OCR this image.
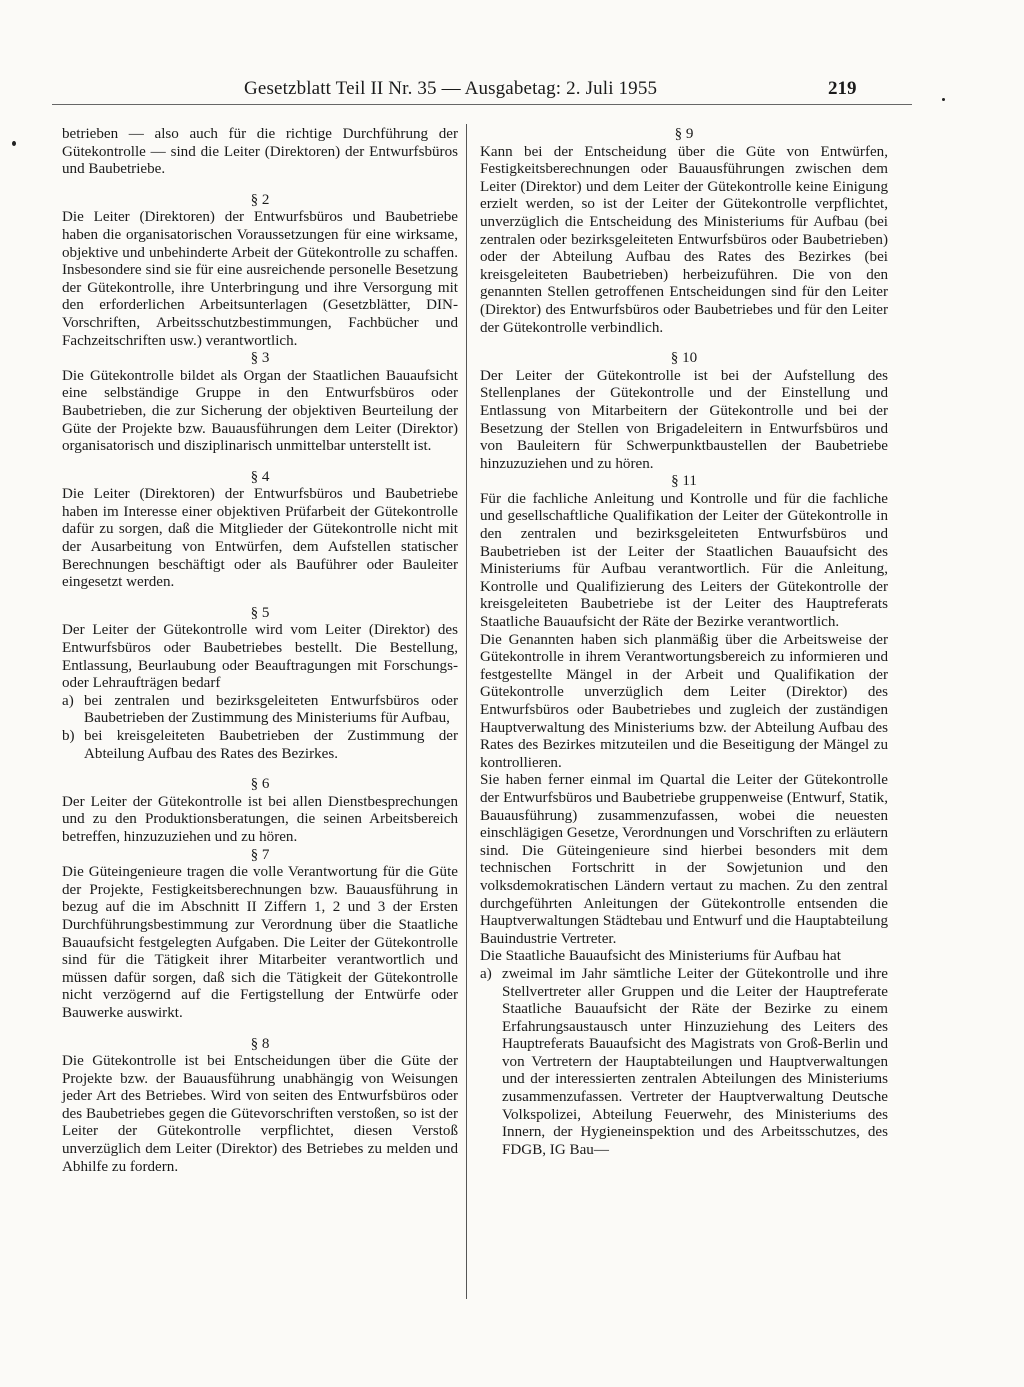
Gesetzblatt Teil II Nr. 35 — Ausgabetag: 2. Juli 1955	219

betrieben — also auch für die richtige Durchführung der Gütekontrolle — sind die Leiter (Direktoren) der Entwurfsbüros und Baubetriebe.

§ 2

Die Leiter (Direktoren) der Entwurfsbüros und Baubetriebe haben die organisatorischen Voraussetzungen für eine wirksame, objektive und unbehinderte Arbeit der Gütekontrolle zu schaffen. Insbesondere sind sie für eine ausreichende personelle Besetzung der Gütekontrolle, ihre Unterbringung und ihre Versorgung mit den erforderlichen Arbeitsunterlagen (Gesetzblätter, DIN-Vorschriften, Arbeitsschutzbestimmungen, Fachbücher und Fachzeitschriften usw.) verantwortlich.

§ 3

Die Gütekontrolle bildet als Organ der Staatlichen Bauaufsicht eine selbständige Gruppe in den Entwurfsbüros oder Baubetrieben, die zur Sicherung der objektiven Beurteilung der Güte der Projekte bzw. Bauausführungen dem Leiter (Direktor) organisatorisch und disziplinarisch unmittelbar unterstellt ist.

§ 4

Die Leiter (Direktoren) der Entwurfsbüros und Baubetriebe haben im Interesse einer objektiven Prüfarbeit der Gütekontrolle dafür zu sorgen, daß die Mitglieder der Gütekontrolle nicht mit der Ausarbeitung von Entwürfen, dem Aufstellen statischer Berechnungen beschäftigt oder als Bauführer oder Bauleiter eingesetzt werden.

§ 5

Der Leiter der Gütekontrolle wird vom Leiter (Direktor) des Entwurfsbüros oder Baubetriebes bestellt. Die Bestellung, Entlassung, Beurlaubung oder Beauftragungen mit Forschungs- oder Lehraufträgen bedarf

a) bei zentralen und bezirksgeleiteten Entwurfsbüros oder Baubetrieben der Zustimmung des Ministeriums für Aufbau,
b) bei kreisgeleiteten Baubetrieben der Zustimmung der Abteilung Aufbau des Rates des Bezirkes.
§ 6

Der Leiter der Gütekontrolle ist bei allen Dienstbesprechungen und zu den Produktionsberatungen, die seinen Arbeitsbereich betreffen, hinzuzuziehen und zu hören.

§ 7

Die Güteingenieure tragen die volle Verantwortung für die Güte der Projekte, Festigkeitsberechnungen bzw. Bauausführung in bezug auf die im Abschnitt II Ziffern 1, 2 und 3 der Ersten Durchführungsbestimmung zur Verordnung über die Staatliche Bauaufsicht festgelegten Aufgaben. Die Leiter der Gütekontrolle sind für die Tätigkeit ihrer Mitarbeiter verantwortlich und müssen dafür sorgen, daß sich die Tätigkeit der Gütekontrolle nicht verzögernd auf die Fertigstellung der Entwürfe oder Bauwerke auswirkt.

§ 8

Die Gütekontrolle ist bei Entscheidungen über die Güte der Projekte bzw. der Bauausführung unabhängig von Weisungen jeder Art des Betriebes. Wird von seiten des Entwurfsbüros oder des Baubetriebes gegen die Gütevorschriften verstoßen, so ist der Leiter der Gütekontrolle verpflichtet, diesen Verstoß unverzüglich dem Leiter (Direktor) des Betriebes zu melden und Abhilfe zu fordern.

§ 9

Kann bei der Entscheidung über die Güte von Entwürfen, Festigkeitsberechnungen oder Bauausführungen zwischen dem Leiter (Direktor) und dem Leiter der Gütekontrolle keine Einigung erzielt werden, so ist der Leiter der Gütekontrolle verpflichtet, unverzüglich die Entscheidung des Ministeriums für Aufbau (bei zentralen oder bezirksgeleiteten Entwurfsbüros oder Baubetrieben) oder der Abteilung Aufbau des Rates des Bezirkes (bei kreisgeleiteten Baubetrieben) herbeizuführen. Die von den genannten Stellen getroffenen Entscheidungen sind für den Leiter (Direktor) des Entwurfsbüros oder Baubetriebes und für den Leiter der Gütekontrolle verbindlich.

§ 10

Der Leiter der Gütekontrolle ist bei der Aufstellung des Stellenplanes der Gütekontrolle und der Einstellung und Entlassung von Mitarbeitern der Gütekontrolle und bei der Besetzung der Stellen von Brigadeleitern in Entwurfsbüros und von Bauleitern für Schwerpunktbaustellen der Baubetriebe hinzuzuziehen und zu hören.

§ 11

Für die fachliche Anleitung und Kontrolle und für die fachliche und gesellschaftliche Qualifikation der Leiter der Gütekontrolle in den zentralen und bezirksgeleiteten Entwurfsbüros und Baubetrieben ist der Leiter der Staatlichen Bauaufsicht des Ministeriums für Aufbau verantwortlich. Für die Anleitung, Kontrolle und Qualifizierung des Leiters der Gütekontrolle der kreisgeleiteten Baubetriebe ist der Leiter des Hauptreferats Staatliche Bauaufsicht der Räte der Bezirke verantwortlich.

Die Genannten haben sich planmäßig über die Arbeitsweise der Gütekontrolle in ihrem Verantwortungsbereich zu informieren und festgestellte Mängel in der Arbeit und Qualifikation der Gütekontrolle unverzüglich dem Leiter (Direktor) des Entwurfsbüros oder Baubetriebes und zugleich der zuständigen Hauptverwaltung des Ministeriums bzw. der Abteilung Aufbau des Rates des Bezirkes mitzuteilen und die Beseitigung der Mängel zu kontrollieren.

Sie haben ferner einmal im Quartal die Leiter der Gütekontrolle der Entwurfsbüros und Baubetriebe gruppenweise (Entwurf, Statik, Bauausführung) zusammenzufassen, wobei die neuesten einschlägigen Gesetze, Verordnungen und Vorschriften zu erläutern sind. Die Güteingenieure sind hierbei besonders mit dem technischen Fortschritt in der Sowjetunion und den volksdemokratischen Ländern vertaut zu machen. Zu den zentral durchgeführten Anleitungen der Gütekontrolle entsenden die Hauptverwaltungen Städtebau und Entwurf und die Hauptabteilung Bauindustrie Vertreter.

Die Staatliche Bauaufsicht des Ministeriums für Aufbau hat

a) zweimal im Jahr sämtliche Leiter der Gütekontrolle und ihre Stellvertreter aller Gruppen und die Leiter der Hauptreferate Staatliche Bauaufsicht der Räte der Bezirke zu einem Erfahrungsaustausch unter Hinzuziehung des Leiters des Hauptreferats Bauaufsicht des Magistrats von Groß-Berlin und von Vertretern der Hauptabteilungen und Hauptverwaltungen und der interessierten zentralen Abteilungen des Ministeriums zusammenzufassen. Vertreter der Hauptverwaltung Deutsche Volkspolizei, Abteilung Feuerwehr, des Ministeriums des Innern, der Hygieneinspektion und des Arbeitsschutzes, des FDGB, IG Bau—
